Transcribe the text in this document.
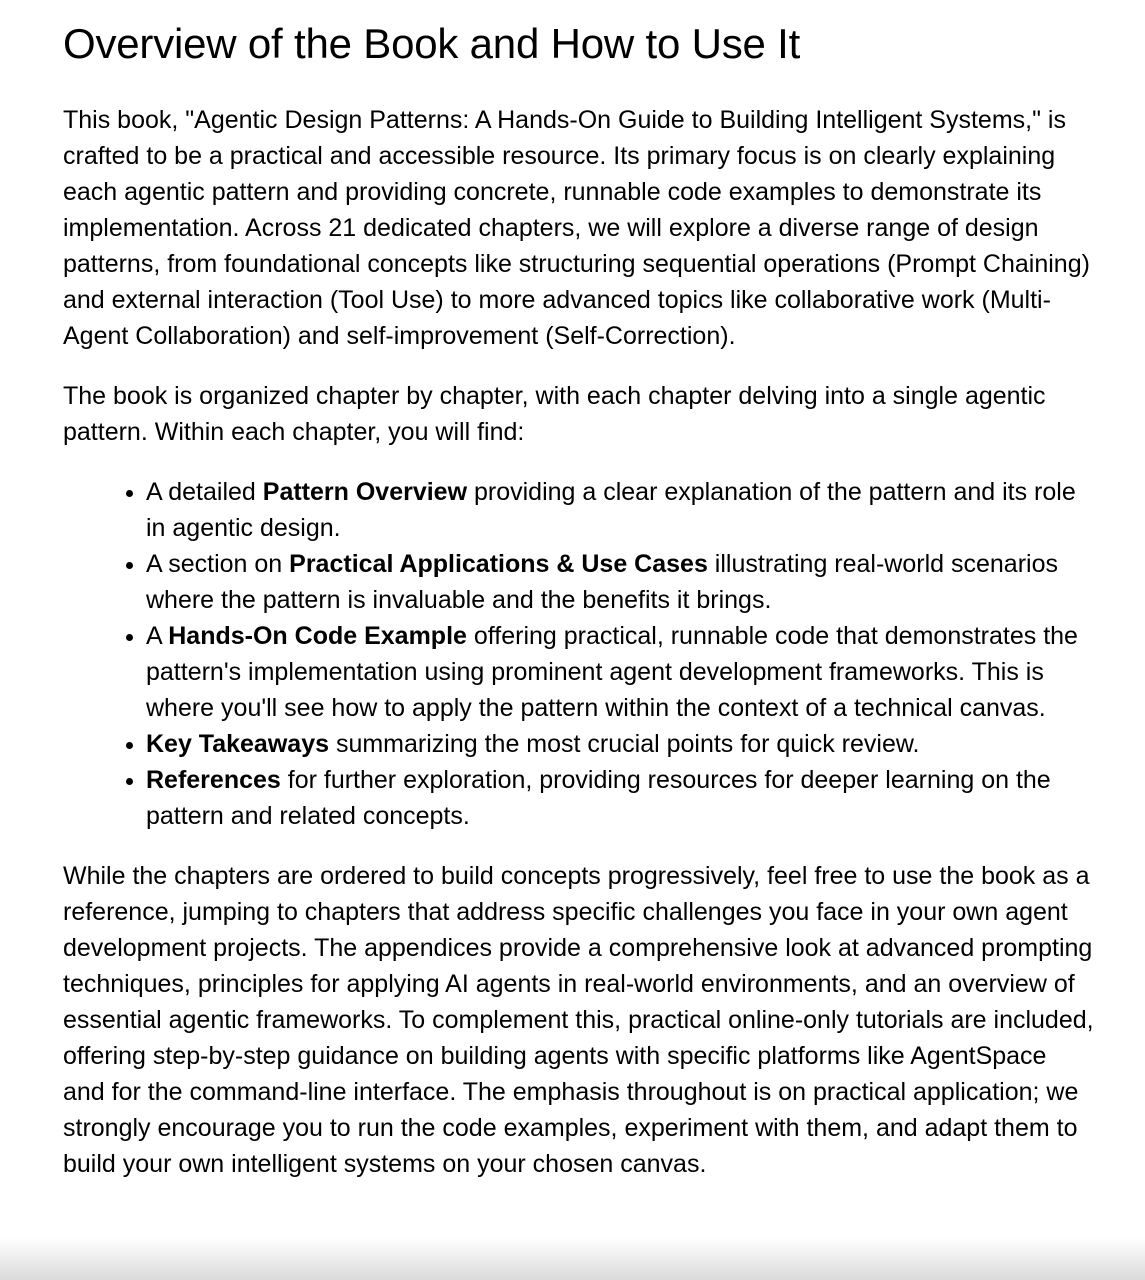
Overview of the Book and How to Use It

This book, "Agentic Design Patterns: A Hands-On Guide to Building Intelligent Systems," is crafted to be a practical and accessible resource. Its primary focus is on clearly explaining each agentic pattern and providing concrete, runnable code examples to demonstrate its implementation. Across 21 dedicated chapters, we will explore a diverse range of design patterns, from foundational concepts like structuring sequential operations (Prompt Chaining) and external interaction (Tool Use) to more advanced topics like collaborative work (Multi-Agent Collaboration) and self-improvement (Self-Correction).

The book is organized chapter by chapter, with each chapter delving into a single agentic pattern. Within each chapter, you will find:

• A detailed Pattern Overview providing a clear explanation of the pattern and its role in agentic design.
• A section on Practical Applications & Use Cases illustrating real-world scenarios where the pattern is invaluable and the benefits it brings.
• A Hands-On Code Example offering practical, runnable code that demonstrates the pattern's implementation using prominent agent development frameworks. This is where you'll see how to apply the pattern within the context of a technical canvas.
• Key Takeaways summarizing the most crucial points for quick review.
• References for further exploration, providing resources for deeper learning on the pattern and related concepts.

While the chapters are ordered to build concepts progressively, feel free to use the book as a reference, jumping to chapters that address specific challenges you face in your own agent development projects. The appendices provide a comprehensive look at advanced prompting techniques, principles for applying AI agents in real-world environments, and an overview of essential agentic frameworks. To complement this, practical online-only tutorials are included, offering step-by-step guidance on building agents with specific platforms like AgentSpace and for the command-line interface. The emphasis throughout is on practical application; we strongly encourage you to run the code examples, experiment with them, and adapt them to build your own intelligent systems on your chosen canvas.
